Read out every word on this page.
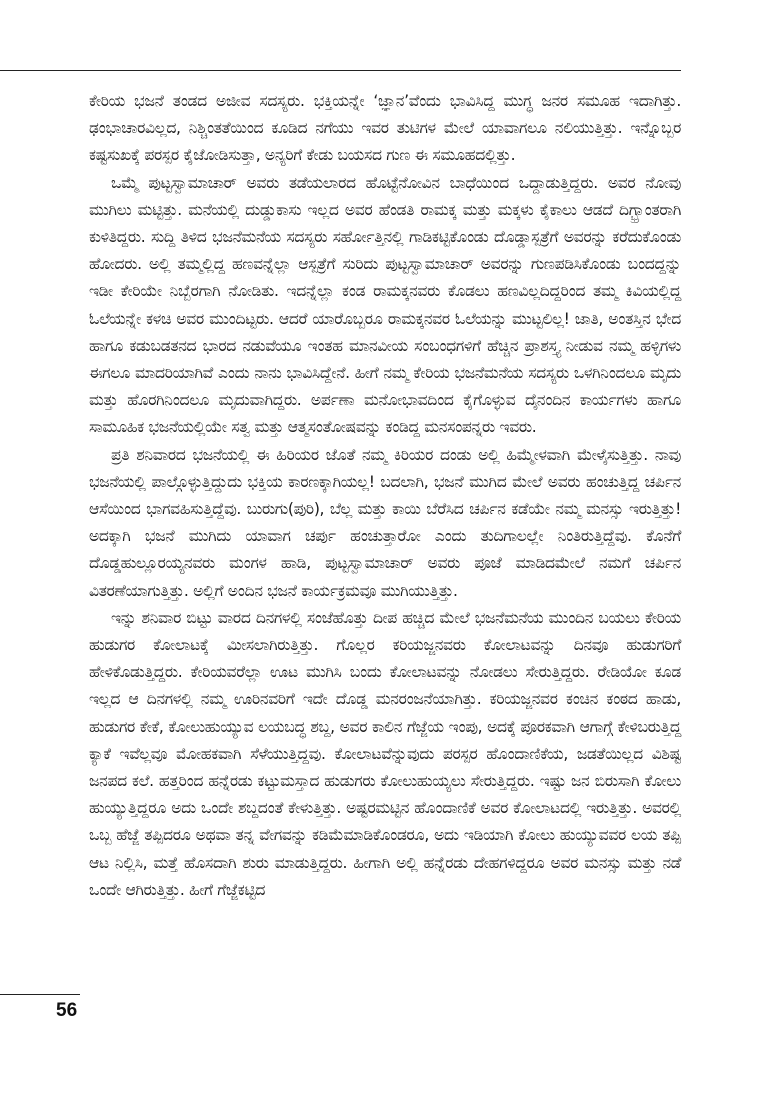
ಕೇರಿಯ ಭಜನೆ ತಂಡದ ಅಜೀವ ಸದಸ್ಯರು. ಭಕ್ತಿಯನ್ನೇ ‘ಜ್ಞಾನ’ವೆಂದು ಭಾವಿಸಿದ್ದ ಮುಗ್ಧ ಜನರ ಸಮೂಹ ಇದಾಗಿತ್ತು. ಢಂಭಾಚಾರವಿಲ್ಲದ, ನಿಶ್ಚಿಂತತೆಯಿಂದ ಕೂಡಿದ ನಗೆಯು ಇವರ ತುಟಿಗಳ ಮೇಲೆ ಯಾವಾಗಲೂ ನಲಿಯುತ್ತಿತ್ತು. ಇನ್ನೊಬ್ಬರ ಕಷ್ಟಸುಖಕ್ಕೆ ಪರಸ್ಪರ ಕೈಜೋಡಿಸುತ್ತಾ, ಅನ್ಯರಿಗೆ ಕೇಡು ಬಯಸದ ಗುಣ ಈ ಸಮೂಹದಲ್ಲಿತ್ತು.

ಒಮ್ಮೆ ಪುಟ್ಟಸ್ವಾಮಾಚಾರ್ ಅವರು ತಡೆಯಲಾರದ ಹೊಟ್ಟೆನೋವಿನ ಬಾಧೆಯಿಂದ ಒದ್ದಾಡುತ್ತಿದ್ದರು. ಅವರ ನೋವು ಮುಗಿಲು ಮಟ್ಟಿತ್ತು. ಮನೆಯಲ್ಲಿ ದುಡ್ಡುಕಾಸು ಇಲ್ಲದ ಅವರ ಹೆಂಡತಿ ರಾಮಕ್ಕ ಮತ್ತು ಮಕ್ಕಳು ಕೈಕಾಲು ಆಡದೆ ದಿಗ್ಭ್ರಾಂತರಾಗಿ ಕುಳಿತಿದ್ದರು. ಸುದ್ದಿ ತಿಳಿದ ಭಜನೆಮನೆಯ ಸದಸ್ಯರು ಸರ್ಹೋತ್ತಿನಲ್ಲಿ ಗಾಡಿಕಟ್ಟಿಕೊಂಡು ದೊಡ್ಡಾಸ್ಪತ್ರೆಗೆ ಅವರನ್ನು ಕರೆದುಕೊಂಡು ಹೋದರು. ಅಲ್ಲಿ ತಮ್ಮಲ್ಲಿದ್ದ ಹಣವನ್ನೆಲ್ಲಾ ಆಸ್ಪತ್ರೆಗೆ ಸುರಿದು ಪುಟ್ಟಸ್ವಾಮಾಚಾರ್ ಅವರನ್ನು ಗುಣಪಡಿಸಿಕೊಂಡು ಬಂದದ್ದನ್ನು ಇಡೀ ಕೇರಿಯೇ ನಿಬ್ಬೆರಗಾಗಿ ನೋಡಿತು. ಇದನ್ನೆಲ್ಲಾ ಕಂಡ ರಾಮಕ್ಕನವರು ಕೊಡಲು ಹಣವಿಲ್ಲದಿದ್ದರಿಂದ ತಮ್ಮ ಕಿವಿಯಲ್ಲಿದ್ದ ಓಲೆಯನ್ನೇ ಕಳಚಿ ಅವರ ಮುಂದಿಟ್ಟರು. ಆದರೆ ಯಾರೊಬ್ಬರೂ ರಾಮಕ್ಕನವರ ಓಲೆಯನ್ನು ಮುಟ್ಟಲಿಲ್ಲ! ಜಾತಿ, ಅಂತಸ್ತಿನ ಭೇದ ಹಾಗೂ ಕಡುಬಡತನದ ಭಾರದ ನಡುವೆಯೂ ಇಂತಹ ಮಾನವೀಯ ಸಂಬಂಧಗಳಿಗೆ ಹೆಚ್ಚಿನ ಪ್ರಾಶಸ್ತ್ಯ ನೀಡುವ ನಮ್ಮ ಹಳ್ಳಿಗಳು ಈಗಲೂ ಮಾದರಿಯಾಗಿವೆ ಎಂದು ನಾನು ಭಾವಿಸಿದ್ದೇನೆ. ಹೀಗೆ ನಮ್ಮ ಕೇರಿಯ ಭಜನೆಮನೆಯ ಸದಸ್ಯರು ಒಳಗಿನಿಂದಲೂ ಮೃದು ಮತ್ತು ಹೊರಗಿನಿಂದಲೂ ಮೃದುವಾಗಿದ್ದರು. ಅರ್ಪಣಾ ಮನೋಭಾವದಿಂದ ಕೈಗೊಳ್ಳುವ ದೈನಂದಿನ ಕಾರ್ಯಗಳು ಹಾಗೂ ಸಾಮೂಹಿಕ ಭಜನೆಯಲ್ಲಿಯೇ ಸತ್ವ ಮತ್ತು ಆತ್ಮಸಂತೋಷವನ್ನು ಕಂಡಿದ್ದ ಮನಸಂಪನ್ನರು ಇವರು.

ಪ್ರತಿ ಶನಿವಾರದ ಭಜನೆಯಲ್ಲಿ ಈ ಹಿರಿಯರ ಜೊತೆ ನಮ್ಮ ಕಿರಿಯರ ದಂಡು ಅಲ್ಲಿ ಹಿಮ್ಮೇಳವಾಗಿ ಮೇಳೈಸುತ್ತಿತ್ತು. ನಾವು ಭಜನೆಯಲ್ಲಿ ಪಾಲ್ಗೊಳ್ಳುತ್ತಿದ್ದುದು ಭಕ್ತಿಯ ಕಾರಣಕ್ಕಾಗಿಯಲ್ಲ! ಬದಲಾಗಿ, ಭಜನೆ ಮುಗಿದ ಮೇಲೆ ಅವರು ಹಂಚುತ್ತಿದ್ದ ಚರ್ಪಿನ ಆಸೆಯಿಂದ ಭಾಗವಹಿಸುತ್ತಿದ್ದೆವು. ಬುರುಗು(ಪುರಿ), ಬೆಲ್ಲ ಮತ್ತು ಕಾಯಿ ಬೆರೆಸಿದ ಚರ್ಪಿನ ಕಡೆಯೇ ನಮ್ಮ ಮನಸ್ಸು ಇರುತ್ತಿತ್ತು! ಅದಕ್ಕಾಗಿ ಭಜನೆ ಮುಗಿದು ಯಾವಾಗ ಚರ್ಪು ಹಂಚುತ್ತಾರೋ ಎಂದು ತುದಿಗಾಲಲ್ಲೇ ನಿಂತಿರುತ್ತಿದ್ದೆವು. ಕೊನೆಗೆ ದೊಡ್ಡಹುಲ್ಲೂರಯ್ಯನವರು ಮಂಗಳ ಹಾಡಿ, ಪುಟ್ಟಸ್ವಾಮಾಚಾರ್ ಅವರು ಪೂಜೆ ಮಾಡಿದಮೇಲೆ ನಮಗೆ ಚರ್ಪಿನ ವಿತರಣೆಯಾಗುತ್ತಿತ್ತು. ಅಲ್ಲಿಗೆ ಅಂದಿನ ಭಜನೆ ಕಾರ್ಯಕ್ರಮವೂ ಮುಗಿಯುತ್ತಿತ್ತು.

ಇನ್ನು ಶನಿವಾರ ಬಿಟ್ಟು ವಾರದ ದಿನಗಳಲ್ಲಿ ಸಂಜೆಹೊತ್ತು ದೀಪ ಹಚ್ಚಿದ ಮೇಲೆ ಭಜನೆಮನೆಯ ಮುಂದಿನ ಬಯಲು ಕೇರಿಯ ಹುಡುಗರ ಕೋಲಾಟಕ್ಕೆ ಮೀಸಲಾಗಿರುತ್ತಿತ್ತು. ಗೊಲ್ಲರ ಕರಿಯಜ್ಜನವರು ಕೋಲಾಟವನ್ನು ದಿನವೂ ಹುಡುಗರಿಗೆ ಹೇಳಿಕೊಡುತ್ತಿದ್ದರು. ಕೇರಿಯವರೆಲ್ಲಾ ಊಟ ಮುಗಿಸಿ ಬಂದು ಕೋಲಾಟವನ್ನು ನೋಡಲು ಸೇರುತ್ತಿದ್ದರು. ರೇಡಿಯೋ ಕೂಡ ಇಲ್ಲದ ಆ ದಿನಗಳಲ್ಲಿ ನಮ್ಮ ಊರಿನವರಿಗೆ ಇದೇ ದೊಡ್ಡ ಮನರಂಜನೆಯಾಗಿತ್ತು. ಕರಿಯಜ್ಜನವರ ಕಂಚಿನ ಕಂಠದ ಹಾಡು, ಹುಡುಗರ ಕೇಕೆ, ಕೋಲುಹುಯ್ಯುವ ಲಯಬದ್ಧ ಶಬ್ದ, ಅವರ ಕಾಲಿನ ಗೆಜ್ಜೆಯ ಇಂಪು, ಅದಕ್ಕೆ ಪೂರಕವಾಗಿ ಆಗಾಗ್ಗೆ ಕೇಳಿಬರುತ್ತಿದ್ದ ಕ್ಯಾಕೆ ಇವೆಲ್ಲವೂ ಮೋಹಕವಾಗಿ ಸೆಳೆಯುತ್ತಿದ್ದವು. ಕೋಲಾಟವೆನ್ನುವುದು ಪರಸ್ಪರ ಹೊಂದಾಣಿಕೆಯ, ಜಡತೆಯಿಲ್ಲದ ವಿಶಿಷ್ಟ ಜನಪದ ಕಲೆ. ಹತ್ತರಿಂದ ಹನ್ನೆರಡು ಕಟ್ಟುಮಸ್ತಾದ ಹುಡುಗರು ಕೋಲುಹುಯ್ಯಲು ಸೇರುತ್ತಿದ್ದರು. ಇಷ್ಟು ಜನ ಬಿರುಸಾಗಿ ಕೋಲು ಹುಯ್ಯುತ್ತಿದ್ದರೂ ಅದು ಒಂದೇ ಶಬ್ದದಂತೆ ಕೇಳುತ್ತಿತ್ತು. ಅಷ್ಟರಮಟ್ಟಿನ ಹೊಂದಾಣಿಕೆ ಅವರ ಕೋಲಾಟದಲ್ಲಿ ಇರುತ್ತಿತ್ತು. ಅವರಲ್ಲಿ ಒಬ್ಬ ಹೆಜ್ಜೆ ತಪ್ಪಿದರೂ ಅಥವಾ ತನ್ನ ವೇಗವನ್ನು ಕಡಿಮೆಮಾಡಿಕೊಂಡರೂ, ಅದು ಇಡಿಯಾಗಿ ಕೋಲು ಹುಯ್ಯುವವರ ಲಯ ತಪ್ಪಿ ಆಟ ನಿಲ್ಲಿಸಿ, ಮತ್ತೆ ಹೊಸದಾಗಿ ಶುರು ಮಾಡುತ್ತಿದ್ದರು. ಹೀಗಾಗಿ ಅಲ್ಲಿ ಹನ್ನೆರಡು ದೇಹಗಳಿದ್ದರೂ ಅವರ ಮನಸ್ಸು ಮತ್ತು ನಡೆ ಒಂದೇ ಆಗಿರುತ್ತಿತ್ತು. ಹೀಗೆ ಗೆಜ್ಜೆಕಟ್ಟಿದ

56
